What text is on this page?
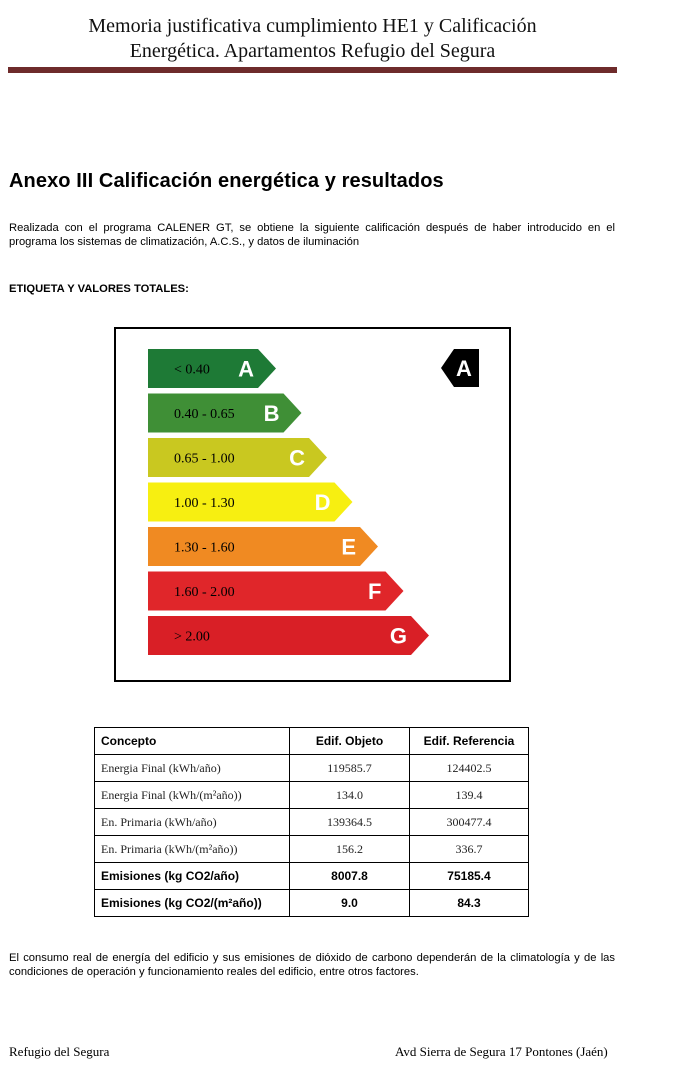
Memoria justificativa cumplimiento HE1 y Calificación
Energética. Apartamentos Refugio del Segura
Anexo III Calificación energética y resultados
Realizada con el programa CALENER GT, se obtiene la siguiente calificación después de haber introducido en el programa los sistemas de climatización, A.C.S., y datos de iluminación
ETIQUETA Y VALORES TOTALES:
< 0.40 A
0.40 - 0.65 B
0.65 - 1.00 C
1.00 - 1.30	D
1.30 - 1.60	E
1.60 - 2.00	F
> 2.00	G
A
Concepto	Edif. Objeto	Edif. Referencia
Energia Final (kWh/año)	119585.7	124402.5
Energia Final (kWh/(m²año))	134.0	139.4
En. Primaria (kWh/año)	139364.5	300477.4
En. Primaria (kWh/(m²año))	156.2	336.7
Emisiones (kg CO2/año)	8007.8	75185.4
Emisiones (kg CO2/(m²año))	9.0	84.3
El consumo real de energía del edificio y sus emisiones de dióxido de carbono dependerán de la climatología y de las condiciones de operación y funcionamiento reales del edificio, entre otros factores.
Refugio del Segura	Avd Sierra de Segura 17 Pontones (Jaén)
